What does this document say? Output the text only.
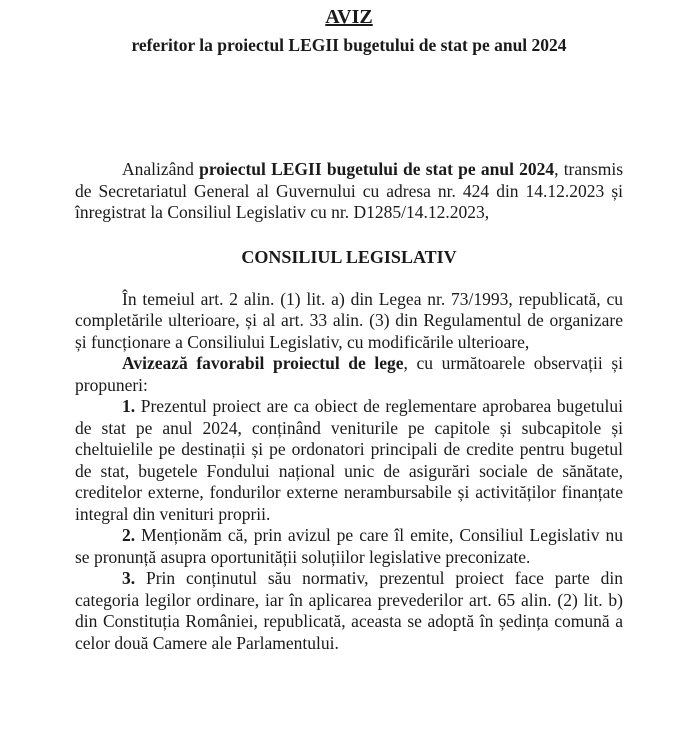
AVIZ
referitor la proiectul LEGII bugetului de stat pe anul 2024

Analizând proiectul LEGII bugetului de stat pe anul 2024, transmis de Secretariatul General al Guvernului cu adresa nr. 424 din 14.12.2023 și înregistrat la Consiliul Legislativ cu nr. D1285/14.12.2023,

CONSILIUL LEGISLATIV

În temeiul art. 2 alin. (1) lit. a) din Legea nr. 73/1993, republicată, cu completările ulterioare, și al art. 33 alin. (3) din Regulamentul de organizare și funcționare a Consiliului Legislativ, cu modificările ulterioare,

Avizează favorabil proiectul de lege, cu următoarele observații și propuneri:

1. Prezentul proiect are ca obiect de reglementare aprobarea bugetului de stat pe anul 2024, conținând veniturile pe capitole și subcapitole și cheltuielile pe destinații și pe ordonatori principali de credite pentru bugetul de stat, bugetele Fondului național unic de asigurări sociale de sănătate, creditelor externe, fondurilor externe nerambursabile și activităților finanțate integral din venituri proprii.

2. Menționăm că, prin avizul pe care îl emite, Consiliul Legislativ nu se pronunță asupra oportunității soluțiilor legislative preconizate.

3. Prin conținutul său normativ, prezentul proiect face parte din categoria legilor ordinare, iar în aplicarea prevederilor art. 65 alin. (2) lit. b) din Constituția României, republicată, aceasta se adoptă în ședința comună a celor două Camere ale Parlamentului.
